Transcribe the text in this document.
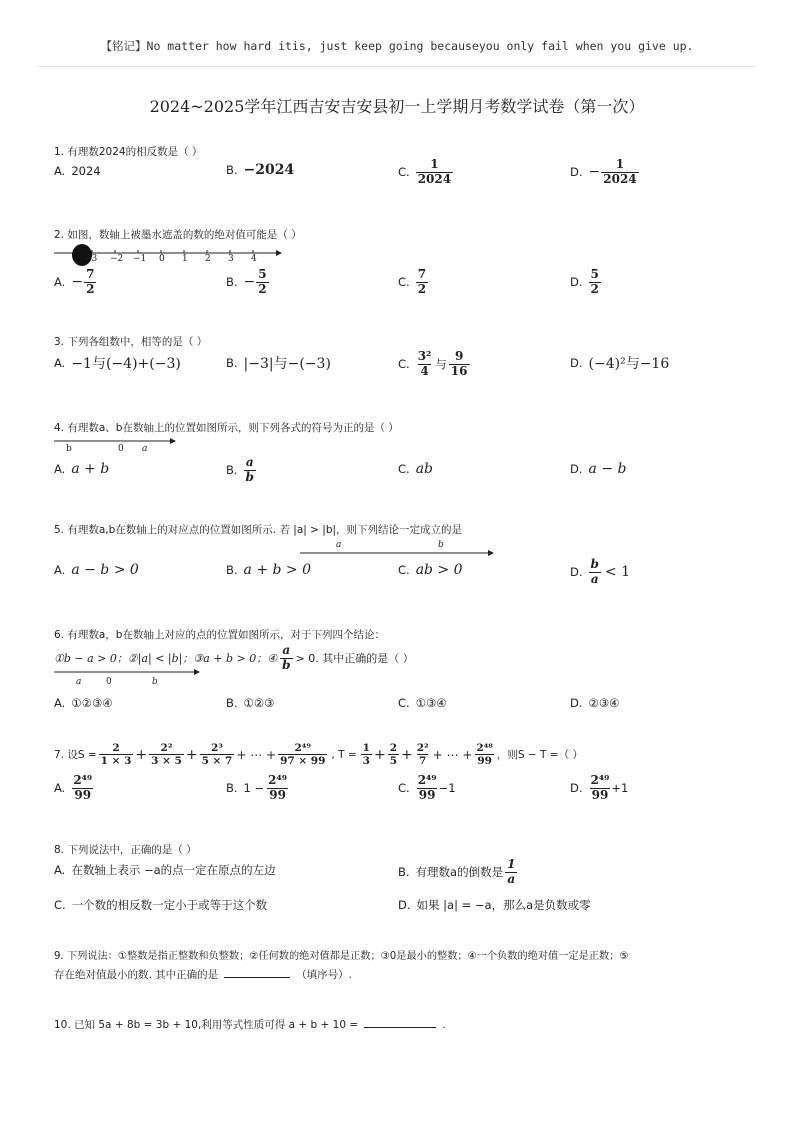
【铭记】No matter how hard itis, just keep going becauseyou only fail when you give up.
2024~2025学年江西吉安吉安县初一上学期月考数学试卷（第一次）
1. 有理数2024的相反数是（ ）
A. 2024	B. −2024	C. $\frac{1}{2024}$	D. − $\frac{1}{2024}$
2. 如图，数轴上被墨水遮盖的数的绝对值可能是（ ）
−3 −2 −1 0 1 2 3 4
A. − $\frac{7}{2}$	B. − $\frac{5}{2}$	C. $\frac{7}{2}$	D. $\frac{5}{2}$
3. 下列各组数中，相等的是（ ）
A. −1与(−4)+(−3)	B. |−3|与−(−3)	C. $\frac{\text{3²}}{4}$ 与 $\frac{9}{16}$	D. (−4)²与−16
4. 有理数a、b在数轴上的位置如图所示，则下列各式的符号为正的是（ ）
b	0 a
A. a + b	B. $\frac{a}{b}$	C. ab	D. a − b
5. 有理数a,b在数轴上的对应点的位置如图所示. 若 |a| > |b|，则下列结论一定成立的是
a	b
A. a − b > 0	B. a + b > 0	C. ab > 0	D. $\frac{b}{a} < 1$
6. 有理数a，b在数轴上对应的点的位置如图所示，对于下列四个结论：
①b − a > 0；②|a| < |b|；③a + b > 0；④ $\frac{a}{b} > 0$. 其中正确的是（ ）
a	0	b
A. ①②③④	B. ①②③	C. ①③④	D. ②③④
7. 设$S = \frac{2}{1 \times 3} + \frac{\text{2²}}{3 \times 5} + \frac{\text{2³}}{5 \times 7}$ + ⋯ + $\frac{\text{2⁴⁹}}{97 \times 99}$ , $T = \frac{1}{3} + \frac{2}{5} + \frac{\text{2²}}{7}$ + ⋯ + $\frac{\text{2⁴⁸}}{99}$ ，则S − T =（ ）
A. $\frac{\text{2⁴⁹}}{99}$	B. $1 - \frac{\text{2⁴⁹}}{99}$	C. $\frac{\text{2⁴⁹}}{99} -1$	D. $\frac{\text{2⁴⁹}}{99} +1$
8. 下列说法中，正确的是（ ）
A. 在数轴上表示 −a的点一定在原点的左边	B. 有理数a的倒数是 $\frac{1}{a}$
C. 一个数的相反数一定小于或等于这个数	D. 如果 |a| = −a，那么a是负数或零
9. 下列说法：①整数是指正整数和负整数；②任何数的绝对值都是正数；③0是最小的整数；④一个负数的绝对值一定是正数；⑤
存在绝对值最小的数. 其中正确的是	（填序号）.
10. 已知 5a + 8b = 3b + 10,利用等式性质可得 a + b + 10 =	.
